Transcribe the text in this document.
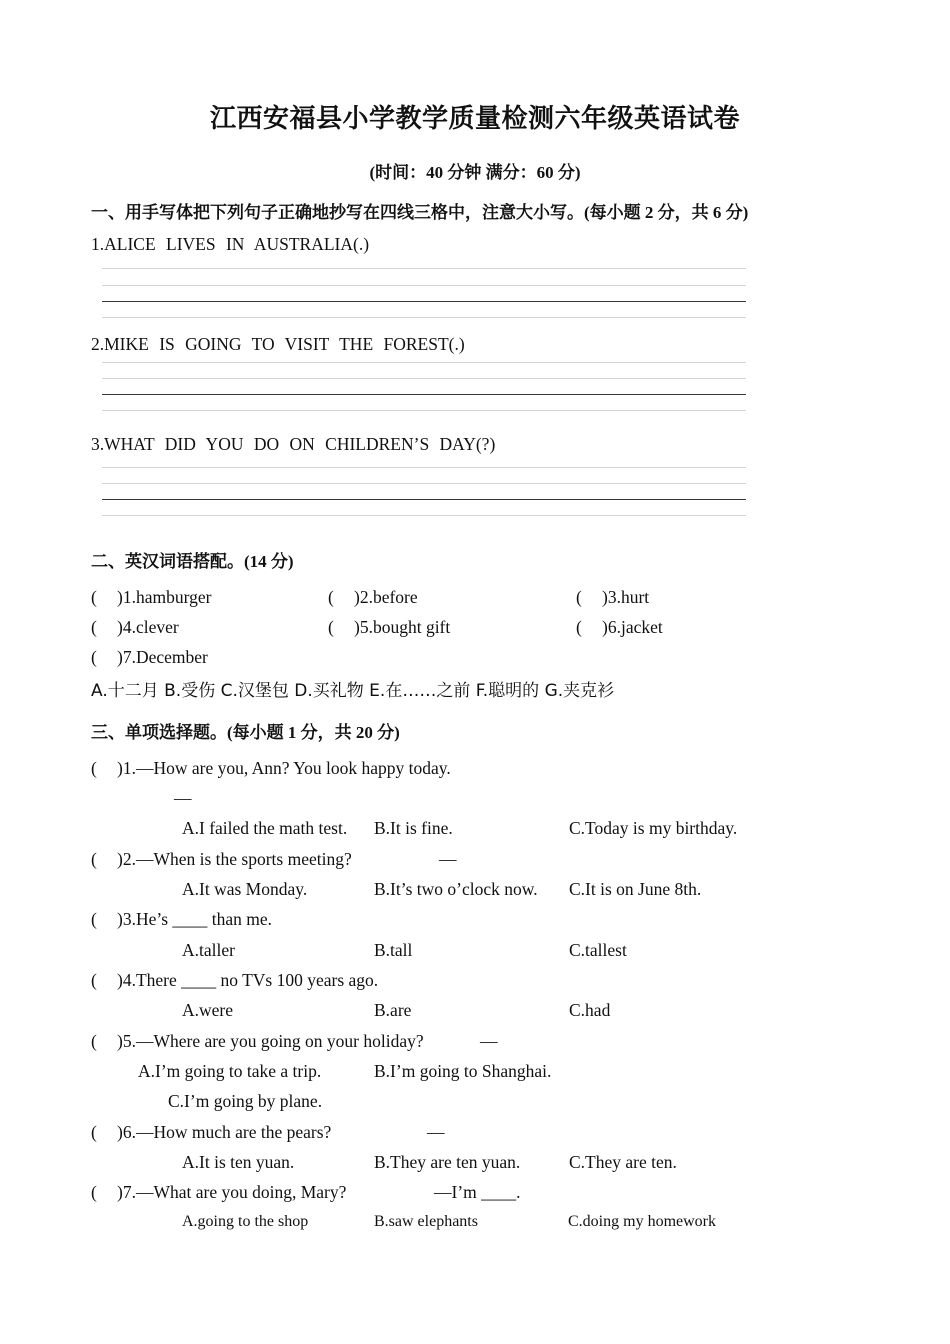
江西安福县小学教学质量检测六年级英语试卷
(时间：40 分钟 满分：60 分)
一、用手写体把下列句子正确地抄写在四线三格中，注意大小写。(每小题 2 分，共 6 分)
1.ALICE LIVES IN AUSTRALIA(.)
2.MIKE IS GOING TO VISIT THE FOREST(.)
3.WHAT DID YOU DO ON CHILDREN’S DAY(?)
二、英汉词语搭配。(14 分)
( )1.hamburger	( )2.before	( )3.hurt
( )4.clever	( )5.bought gift	( )6.jacket
( )7.December
A.十二月 B.受伤 C.汉堡包 D.买礼物 E.在……之前 F.聪明的 G.夹克衫
三、单项选择题。(每小题 1 分，共 20 分)
( )1.—How are you, Ann? You look happy today.
—
A.I failed the math test. B.It is fine.	C.Today is my birthday.
( )2.—When is the sports meeting?	—
A.It was Monday.	B.It’s two o’clock now. C.It is on June 8th.
( )3.He’s ____ than me.
A.taller	B.tall	C.tallest
( )4.There ____ no TVs 100 years ago.
A.were	B.are	C.had
( )5.—Where are you going on your holiday?	—
A.I’m going to take a trip.	B.I’m going to Shanghai.
C.I’m going by plane.
( )6.—How much are the pears?	—
A.It is ten yuan.	B.They are ten yuan.	C.They are ten.
( )7.—What are you doing, Mary?	—I’m ____.
A.going to the shop	B.saw elephants	C.doing my homework
